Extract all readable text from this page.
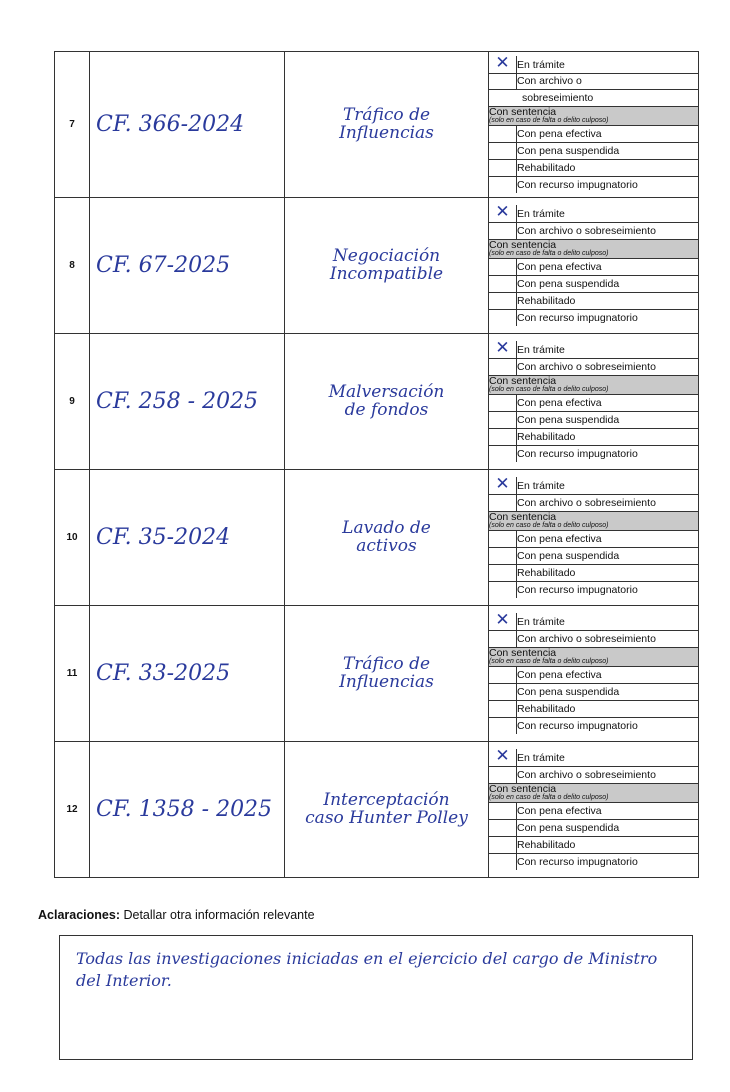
7	CF. 366-2024	Tráfico de
Influencias	
✕	En trámite

Con archivo o

sobreseimiento
Con sentencia
(solo en caso de falta o delito culposo)

	Con pena efectiva
	Con pena suspendida
	Rehabilitado
	Con recurso impugnatorio

8	CF. 67-2025	Negociación
Incompatible	
✕	En trámite
	Con archivo o sobreseimiento
Con sentencia
(solo en caso de falta o delito culposo)

	Con pena efectiva
	Con pena suspendida
	Rehabilitado
	Con recurso impugnatorio

9	CF. 258 - 2025	Malversación
de fondos	
✕	En trámite
	Con archivo o sobreseimiento
Con sentencia
(solo en caso de falta o delito culposo)

	Con pena efectiva
	Con pena suspendida
	Rehabilitado
	Con recurso impugnatorio

10	CF. 35-2024	Lavado de
activos	
✕	En trámite
	Con archivo o sobreseimiento
Con sentencia
(solo en caso de falta o delito culposo)

	Con pena efectiva
	Con pena suspendida
	Rehabilitado
	Con recurso impugnatorio

11	CF. 33-2025	Tráfico de
Influencias	
✕	En trámite
	Con archivo o sobreseimiento
Con sentencia
(solo en caso de falta o delito culposo)

	Con pena efectiva
	Con pena suspendida
	Rehabilitado
	Con recurso impugnatorio

12	CF. 1358 - 2025	Interceptación
caso Hunter Polley	
✕	En trámite
	Con archivo o sobreseimiento
Con sentencia
(solo en caso de falta o delito culposo)

	Con pena efectiva
	Con pena suspendida
	Rehabilitado
	Con recurso impugnatorio
Aclaraciones: Detallar otra información relevante

Todas las investigaciones iniciadas en el ejercicio del cargo de Ministro del Interior.
